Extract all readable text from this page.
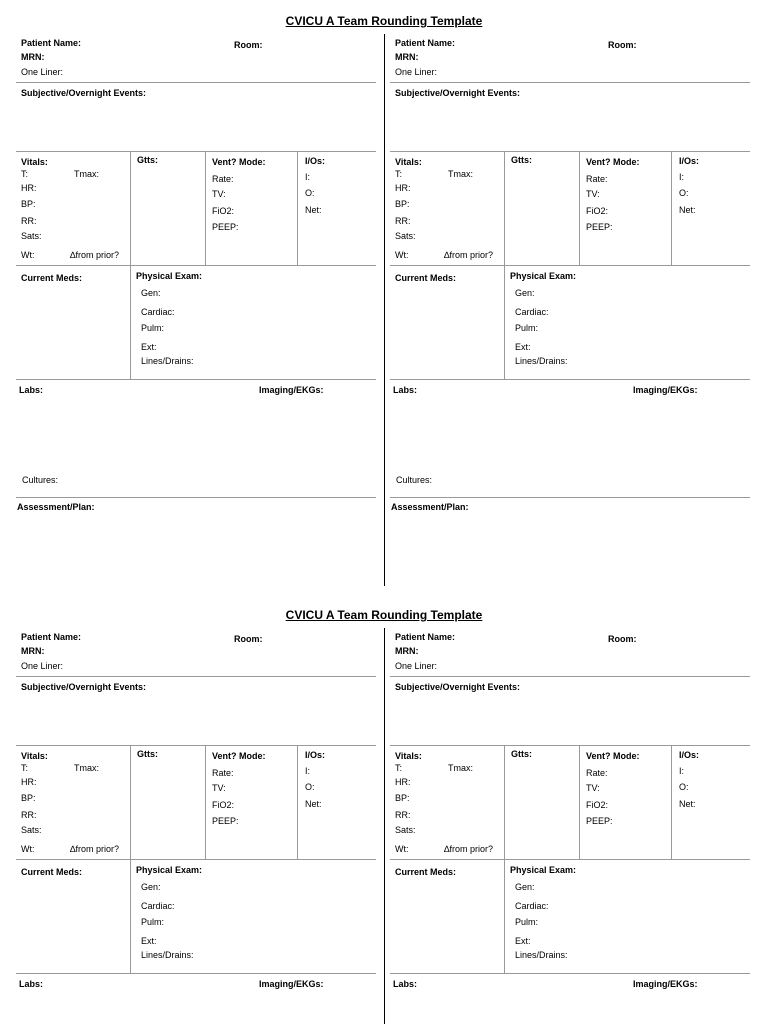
CVICU A Team Rounding Template
Patient Name:	Room:
MRN:
One Liner:
Subjective/Overnight Events:
Vitals:
T:	Tmax:
HR:
BP:
RR:
Sats:
Wt:	∆from prior?
Gtts:	Vent? Mode:
Rate:
TV:
FiO2:
PEEP:
I/Os:
I:
O:
Net:
Current Meds:	Physical Exam:
Gen:
Cardiac:
Pulm:
Ext:
Lines/Drains:
Labs:	Imaging/EKGs:
Cultures:
Assessment/Plan:
Patient Name:	Room:
MRN:
One Liner:
Subjective/Overnight Events:
Vitals:
T:	Tmax:
HR:
BP:
RR:
Sats:
Wt:	∆from prior?
Gtts:	Vent? Mode:
Rate:
TV:
FiO2:
PEEP:
I/Os:
I:
O:
Net:
Current Meds:	Physical Exam:
Gen:
Cardiac:
Pulm:
Ext:
Lines/Drains:
Labs:	Imaging/EKGs:
Cultures:
Assessment/Plan:
CVICU A Team Rounding Template
Patient Name:	Room:
MRN:
One Liner:
Subjective/Overnight Events:
Vitals:
T:	Tmax:
HR:
BP:
RR:
Sats:
Wt:	∆from prior?
Gtts:	Vent? Mode:
Rate:
TV:
FiO2:
PEEP:
I/Os:
I:
O:
Net:
Current Meds:	Physical Exam:
Gen:
Cardiac:
Pulm:
Ext:
Lines/Drains:
Labs:	Imaging/EKGs:
Patient Name:	Room:
MRN:
One Liner:
Subjective/Overnight Events:
Vitals:
T:	Tmax:
HR:
BP:
RR:
Sats:
Wt:	∆from prior?
Gtts:	Vent? Mode:
Rate:
TV:
FiO2:
PEEP:
I/Os:
I:
O:
Net:
Current Meds:	Physical Exam:
Gen:
Cardiac:
Pulm:
Ext:
Lines/Drains:
Labs:	Imaging/EKGs:
